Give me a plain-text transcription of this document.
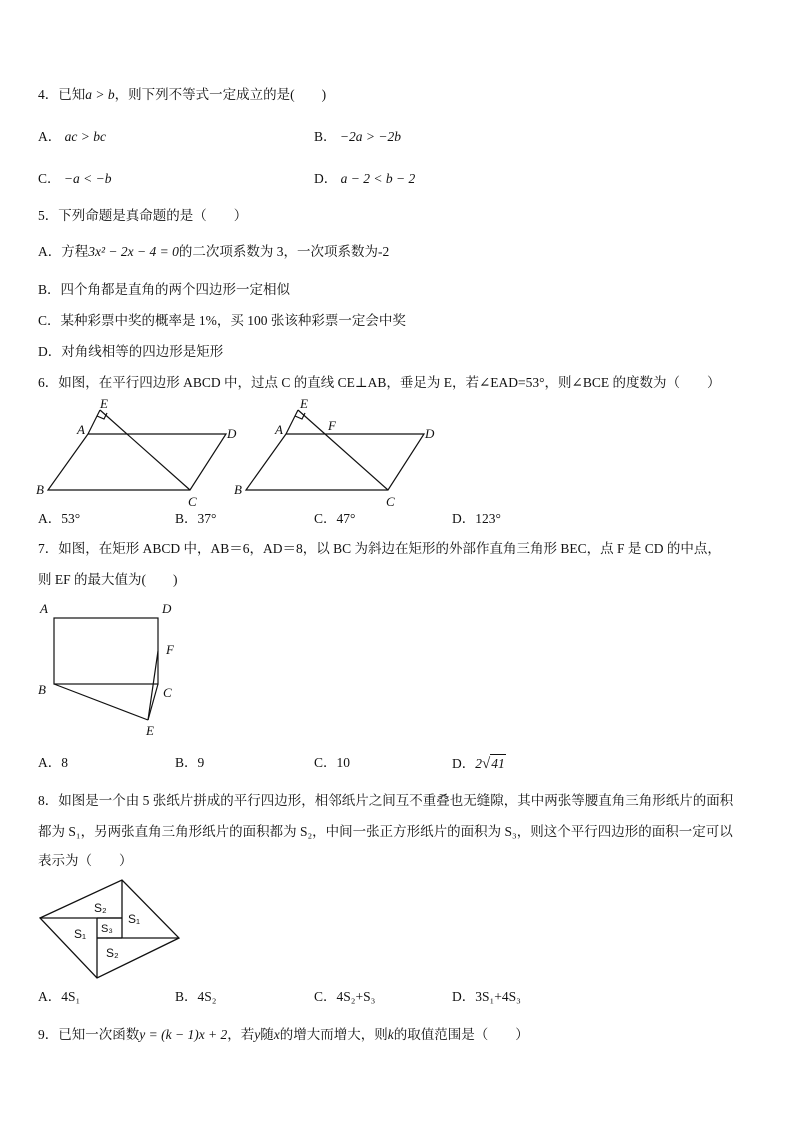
4．已知a > b，则下列不等式一定成立的是(　　)
A． ac > bc	B． −2a > −2b
C． −a < −b	D． a − 2 < b − 2
5．下列命题是真命题的是（　　）
A．方程3x² − 2x − 4 = 0的二次项系数为 3，一次项系数为-2
B．四个角都是直角的两个四边形一定相似
C．某种彩票中奖的概率是 1%，买 100 张该种彩票一定会中奖
D．对角线相等的四边形是矩形
6．如图，在平行四边形 ABCD 中，过点 C 的直线 CE⊥AB，垂足为 E，若∠EAD=53°，则∠BCE 的度数为（　　）
E
A	D
B
C
E
A	F
D
B
C
A．53°	B．37°	C．47°	D．123°
7．如图，在矩形 ABCD 中，AB＝6，AD＝8，以 BC 为斜边在矩形的外部作直角三角形 BEC，点 F 是 CD 的中点，
则 EF 的最大值为(　　)
A	D
F
B	C
E
A．8	B．9	C．10	D．2√41
8．如图是一个由 5 张纸片拼成的平行四边形，相邻纸片之间互不重叠也无缝隙，其中两张等腰直角三角形纸片的面积
都为 S₁，另两张直角三角形纸片的面积都为 S₂，中间一张正方形纸片的面积为 S₃，则这个平行四边形的面积一定可以
表示为（　　）
S₂
S₁
S₃
S₁
S₂
A．4S₁	B．4S₂	C．4S₂+S₃	D．3S₁+4S₃
9．已知一次函数y = (k − 1)x + 2，若y随x的增大而增大，则k的取值范围是（　　）
